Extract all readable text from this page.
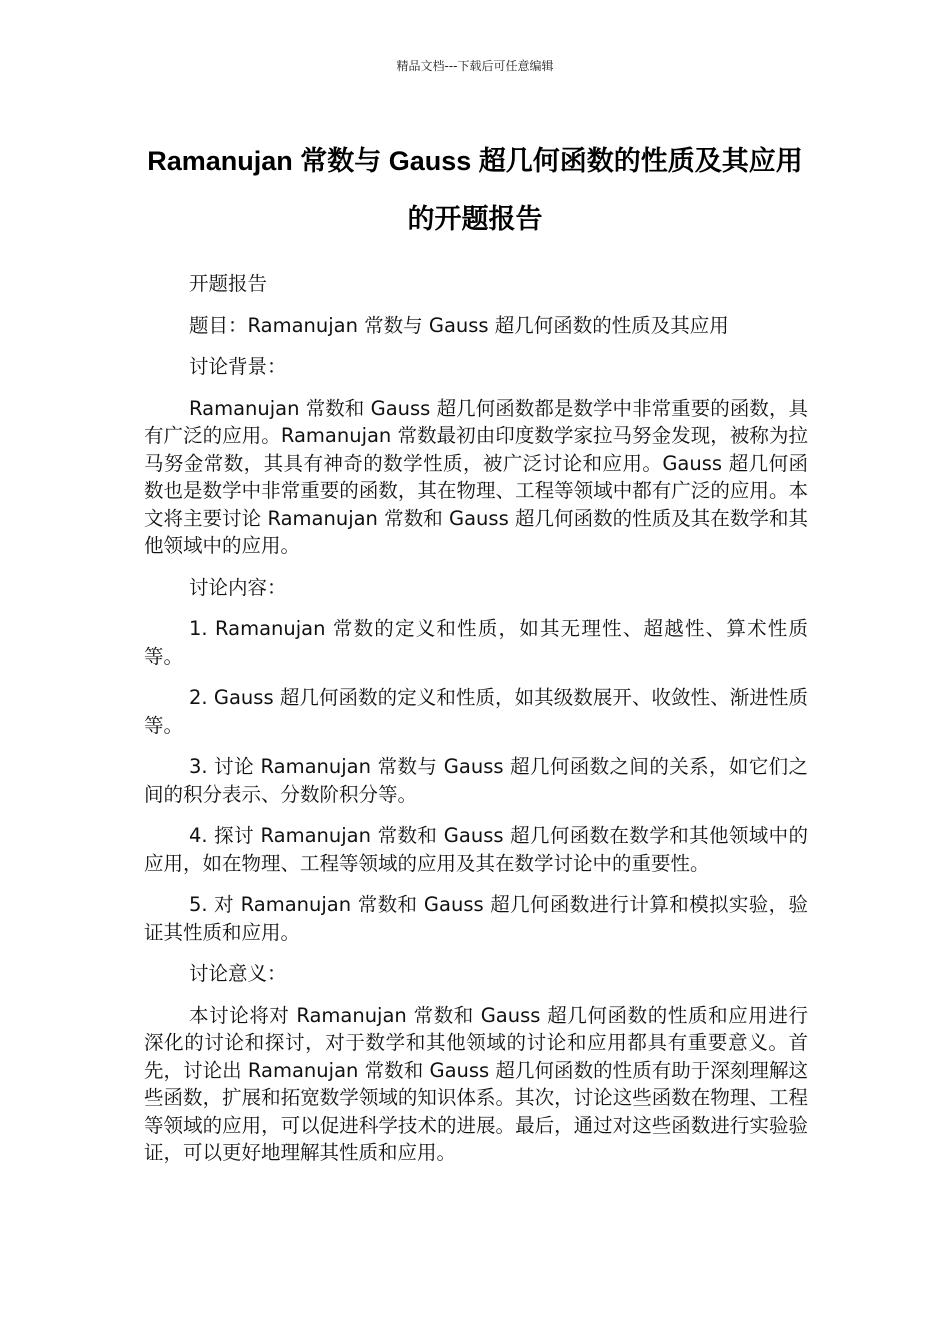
精品文档---下载后可任意编辑
Ramanujan 常数与 Gauss 超几何函数的性质及其应用的开题报告

开题报告

题目：Ramanujan 常数与 Gauss 超几何函数的性质及其应用

讨论背景：

Ramanujan 常数和 Gauss 超几何函数都是数学中非常重要的函数，具有广泛的应用。Ramanujan 常数最初由印度数学家拉马努金发现，被称为拉马努金常数，其具有神奇的数学性质，被广泛讨论和应用。Gauss 超几何函数也是数学中非常重要的函数，其在物理、工程等领域中都有广泛的应用。本文将主要讨论 Ramanujan 常数和 Gauss 超几何函数的性质及其在数学和其他领域中的应用。

讨论内容：

1. Ramanujan 常数的定义和性质，如其无理性、超越性、算术性质等。

2. Gauss 超几何函数的定义和性质，如其级数展开、收敛性、渐进性质等。

3. 讨论 Ramanujan 常数与 Gauss 超几何函数之间的关系，如它们之间的积分表示、分数阶积分等。

4. 探讨 Ramanujan 常数和 Gauss 超几何函数在数学和其他领域中的应用，如在物理、工程等领域的应用及其在数学讨论中的重要性。

5. 对 Ramanujan 常数和 Gauss 超几何函数进行计算和模拟实验，验证其性质和应用。

讨论意义：

本讨论将对 Ramanujan 常数和 Gauss 超几何函数的性质和应用进行深化的讨论和探讨，对于数学和其他领域的讨论和应用都具有重要意义。首先，讨论出 Ramanujan 常数和 Gauss 超几何函数的性质有助于深刻理解这些函数，扩展和拓宽数学领域的知识体系。其次，讨论这些函数在物理、工程等领域的应用，可以促进科学技术的进展。最后，通过对这些函数进行实验验证，可以更好地理解其性质和应用。
